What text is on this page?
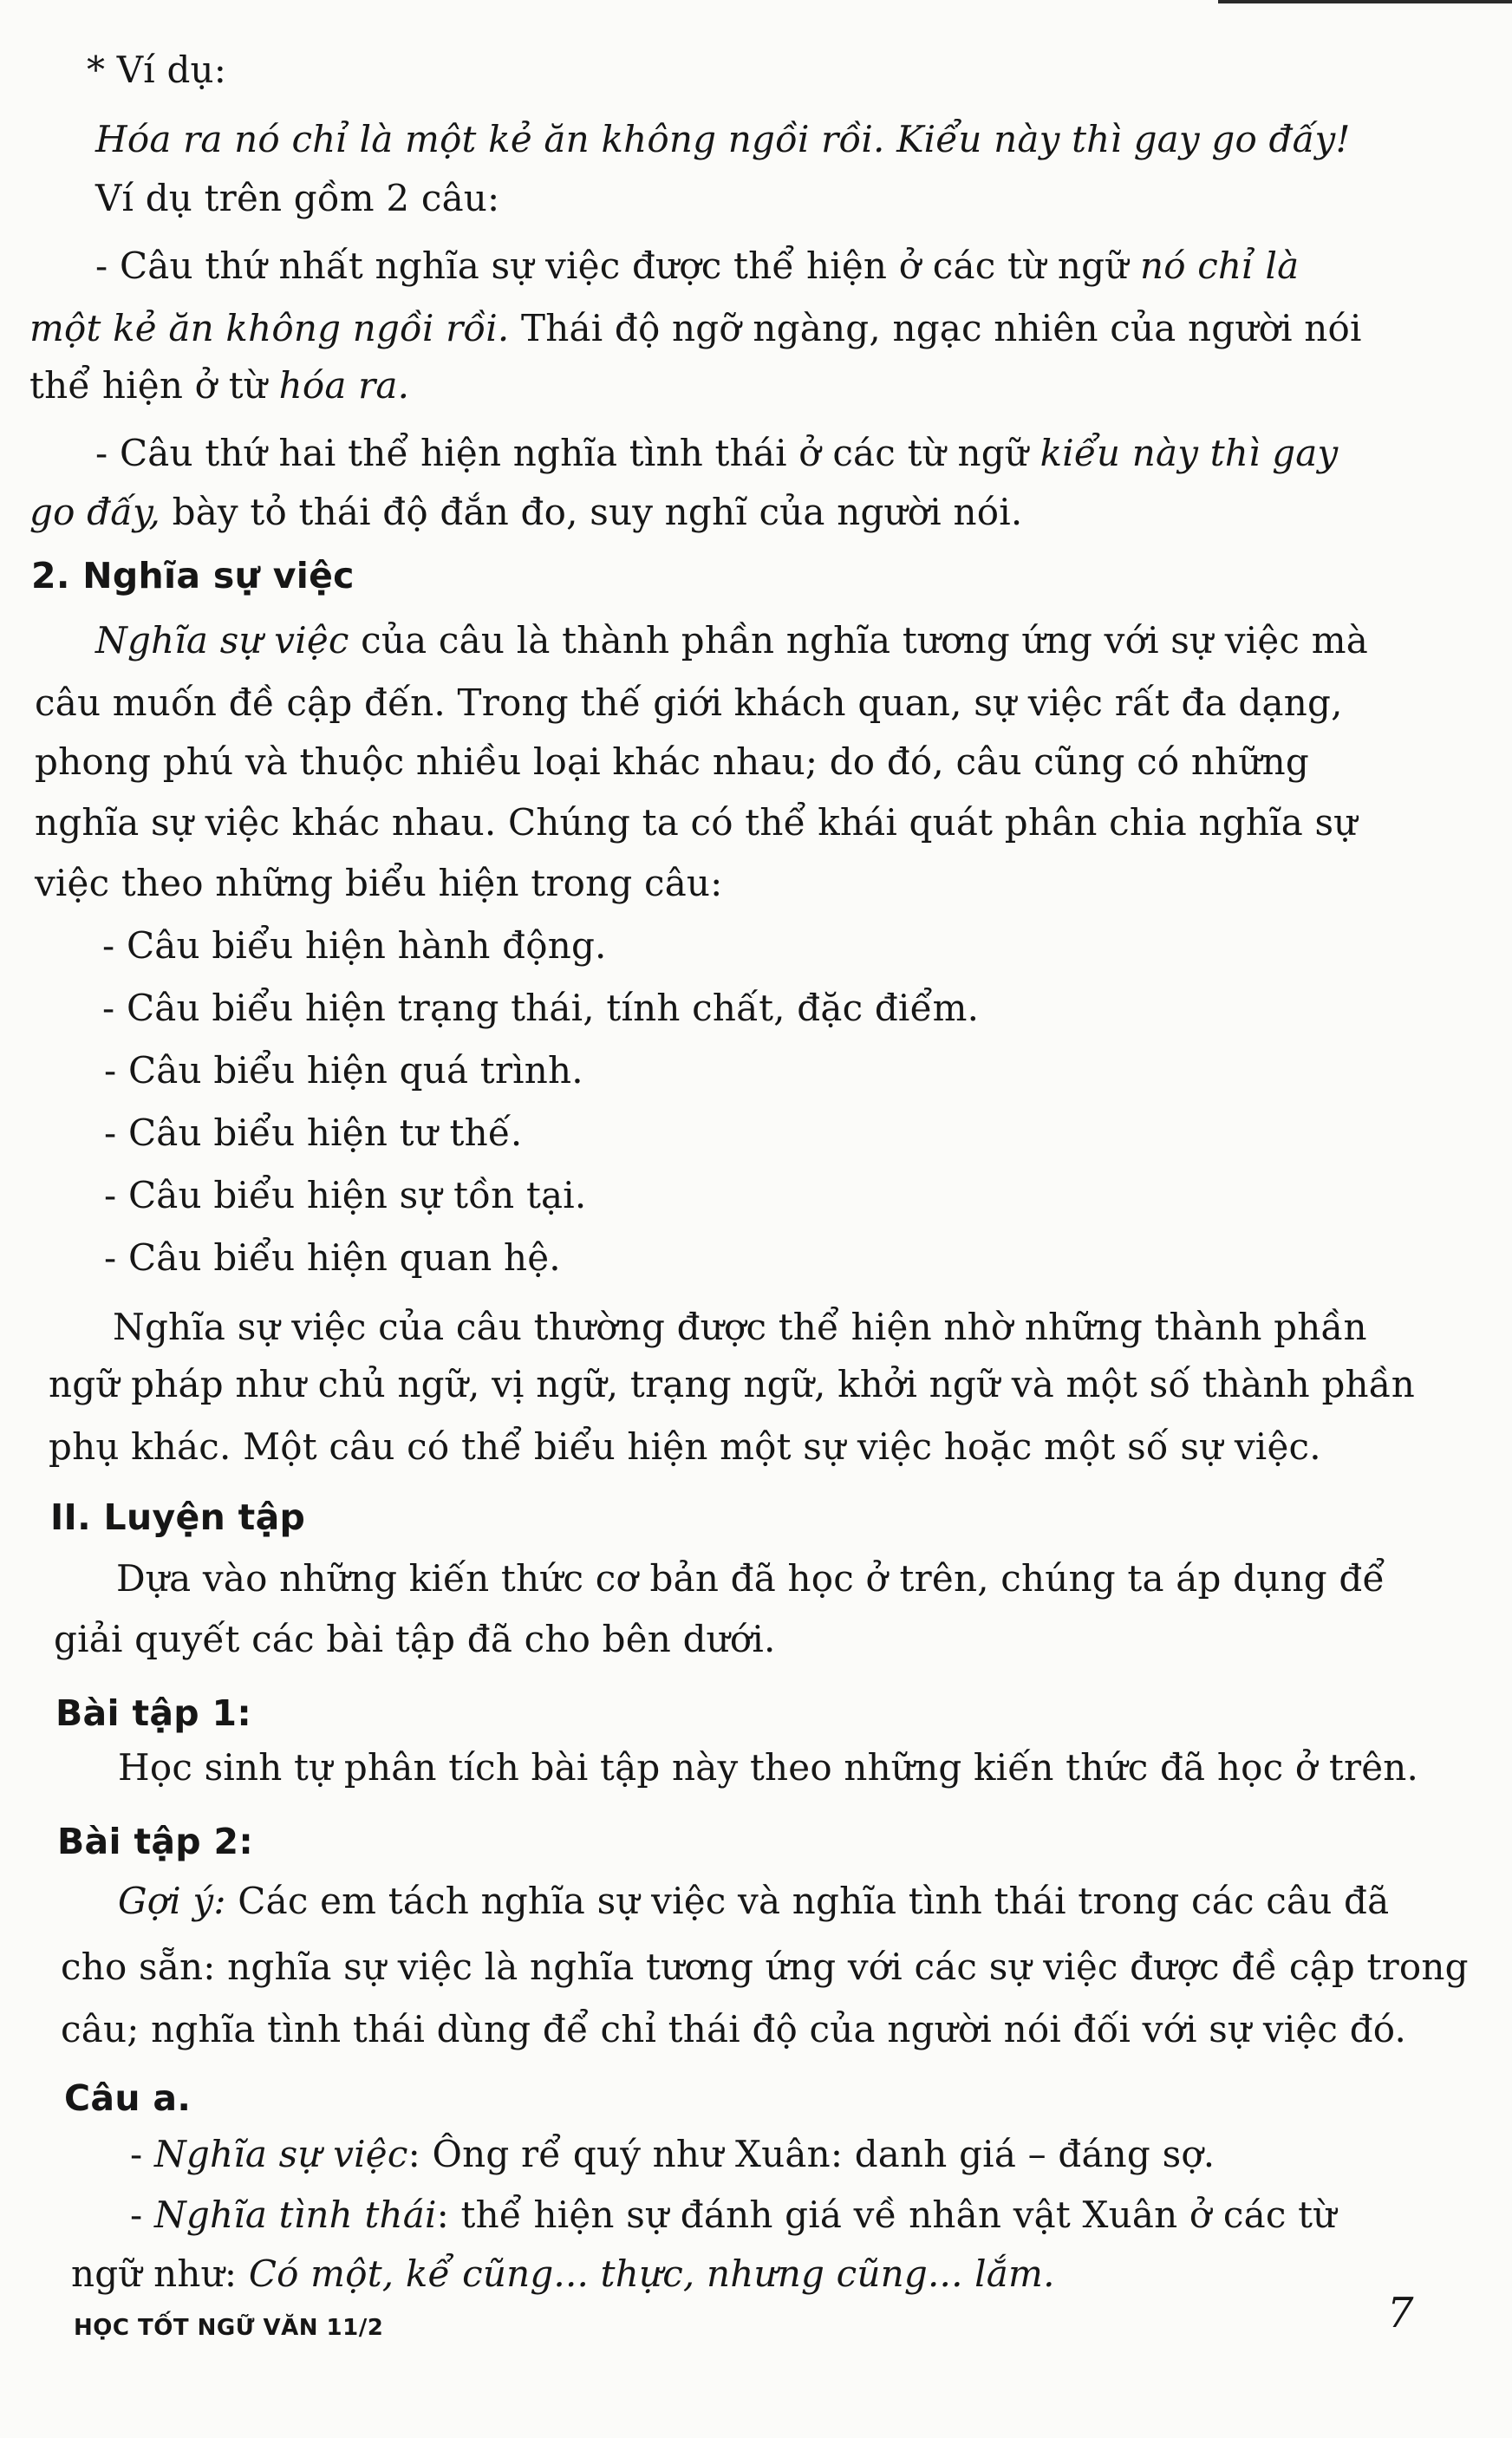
* Ví dụ:
Hóa ra nó chỉ là một kẻ ăn không ngồi rồi. Kiểu này thì gay go đấy!
Ví dụ trên gồm 2 câu:
- Câu thứ nhất nghĩa sự việc được thể hiện ở các từ ngữ nó chỉ là
một kẻ ăn không ngồi rồi. Thái độ ngỡ ngàng, ngạc nhiên của người nói
thể hiện ở từ hóa ra.
- Câu thứ hai thể hiện nghĩa tình thái ở các từ ngữ kiểu này thì gay
go đấy, bày tỏ thái độ đắn đo, suy nghĩ của người nói.
2. Nghĩa sự việc
Nghĩa sự việc của câu là thành phần nghĩa tương ứng với sự việc mà
câu muốn đề cập đến. Trong thế giới khách quan, sự việc rất đa dạng,
phong phú và thuộc nhiều loại khác nhau; do đó, câu cũng có những
nghĩa sự việc khác nhau. Chúng ta có thể khái quát phân chia nghĩa sự
việc theo những biểu hiện trong câu:
- Câu biểu hiện hành động.
- Câu biểu hiện trạng thái, tính chất, đặc điểm.
- Câu biểu hiện quá trình.
- Câu biểu hiện tư thế.
- Câu biểu hiện sự tồn tại.
- Câu biểu hiện quan hệ.
Nghĩa sự việc của câu thường được thể hiện nhờ những thành phần
ngữ pháp như chủ ngữ, vị ngữ, trạng ngữ, khởi ngữ và một số thành phần
phụ khác. Một câu có thể biểu hiện một sự việc hoặc một số sự việc.
II. Luyện tập
Dựa vào những kiến thức cơ bản đã học ở trên, chúng ta áp dụng để
giải quyết các bài tập đã cho bên dưới.
Bài tập 1:
Học sinh tự phân tích bài tập này theo những kiến thức đã học ở trên.
Bài tập 2:
Gợi ý: Các em tách nghĩa sự việc và nghĩa tình thái trong các câu đã
cho sẵn: nghĩa sự việc là nghĩa tương ứng với các sự việc được đề cập trong
câu; nghĩa tình thái dùng để chỉ thái độ của người nói đối với sự việc đó.
Câu a.
- Nghĩa sự việc: Ông rể quý như Xuân: danh giá – đáng sợ.
- Nghĩa tình thái: thể hiện sự đánh giá về nhân vật Xuân ở các từ
ngữ như: Có một, kể cũng... thực, nhưng cũng... lắm.
HỌC TỐT NGỮ VĂN 11/2	7
